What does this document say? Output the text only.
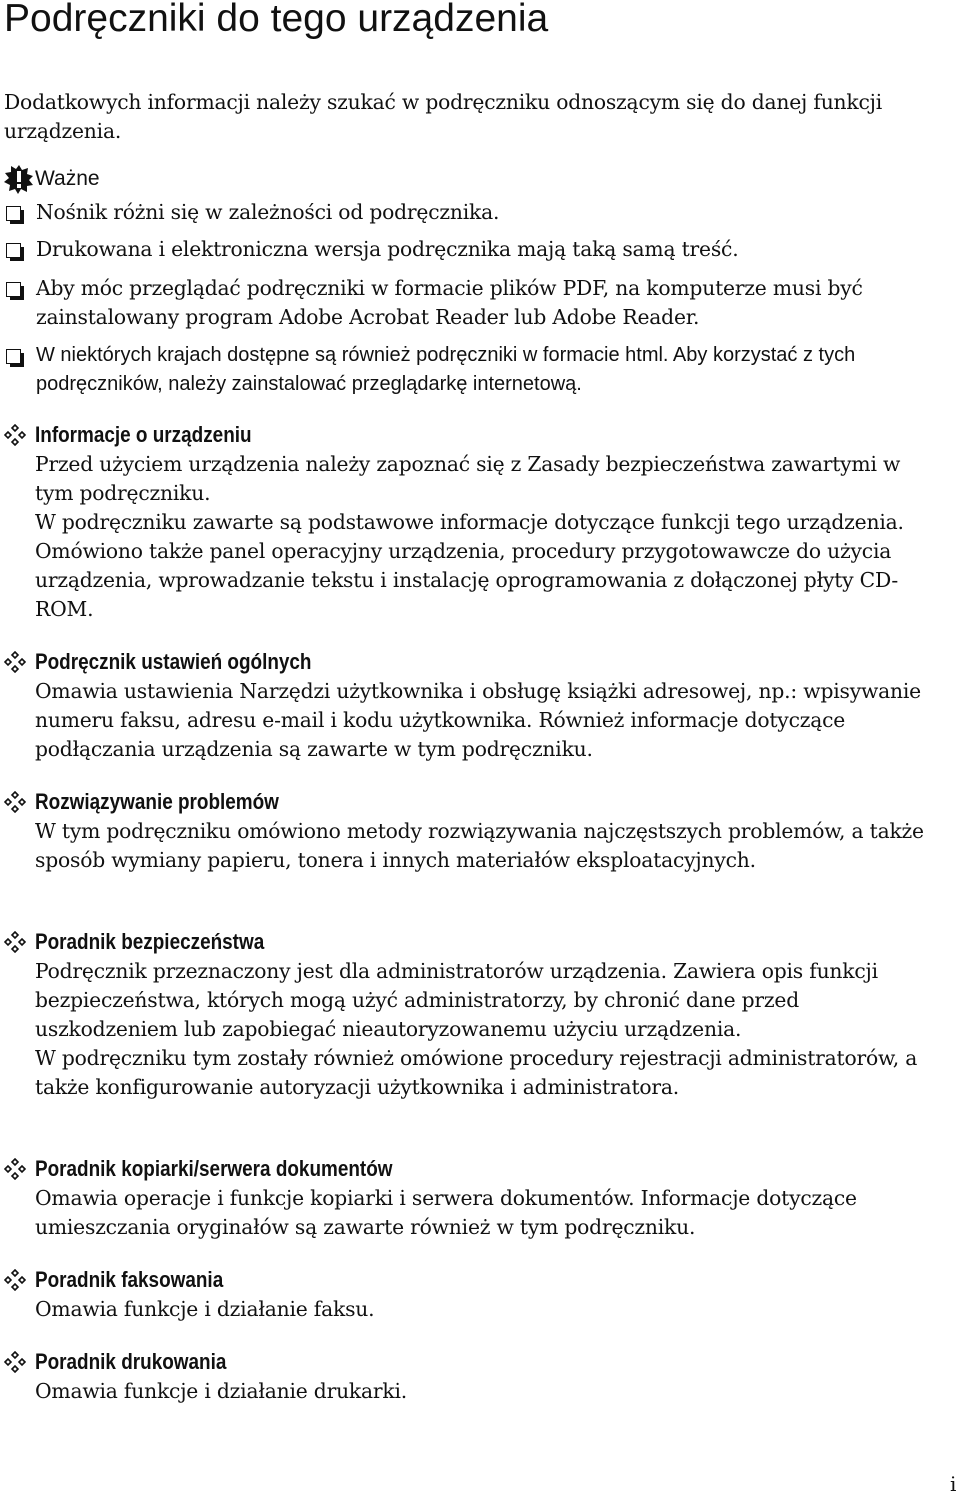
Podręczniki do tego urządzenia

Dodatkowych informacji należy szukać w podręczniku odnoszącym się do danej funkcji urządzenia.

Ważne

Nośnik różni się w zależności od podręcznika.

Drukowana i elektroniczna wersja podręcznika mają taką samą treść.

Aby móc przeglądać podręczniki w formacie plików PDF, na komputerze musi być zainstalowany program Adobe Acrobat Reader lub Adobe Reader.

W niektórych krajach dostępne są również podręczniki w formacie html. Aby korzystać z tych podręczników, należy zainstalować przeglądarkę internetową.

Informacje o urządzeniu

Przed użyciem urządzenia należy zapoznać się z Zasady bezpieczeństwa zawartymi w tym podręczniku.
W podręczniku zawarte są podstawowe informacje dotyczące funkcji tego urządzenia. Omówiono także panel operacyjny urządzenia, procedury przygotowawcze do użycia urządzenia, wprowadzanie tekstu i instalację oprogramowania z dołączonej płyty CD-ROM.

Podręcznik ustawień ogólnych

Omawia ustawienia Narzędzi użytkownika i obsługę książki adresowej, np.: wpisywanie numeru faksu, adresu e-mail i kodu użytkownika. Również informacje dotyczące podłączania urządzenia są zawarte w tym podręczniku.

Rozwiązywanie problemów

W tym podręczniku omówiono metody rozwiązywania najczęstszych problemów, a także sposób wymiany papieru, tonera i innych materiałów eksploatacyjnych.

Poradnik bezpieczeństwa

Podręcznik przeznaczony jest dla administratorów urządzenia. Zawiera opis funkcji bezpieczeństwa, których mogą użyć administratorzy, by chronić dane przed uszkodzeniem lub zapobiegać nieautoryzowanemu użyciu urządzenia.
W podręczniku tym zostały również omówione procedury rejestracji administratorów, a także konfigurowanie autoryzacji użytkownika i administratora.

Poradnik kopiarki/serwera dokumentów

Omawia operacje i funkcje kopiarki i serwera dokumentów. Informacje dotyczące umieszczania oryginałów są zawarte również w tym podręczniku.

Poradnik faksowania

Omawia funkcje i działanie faksu.

Poradnik drukowania

Omawia funkcje i działanie drukarki.

i
